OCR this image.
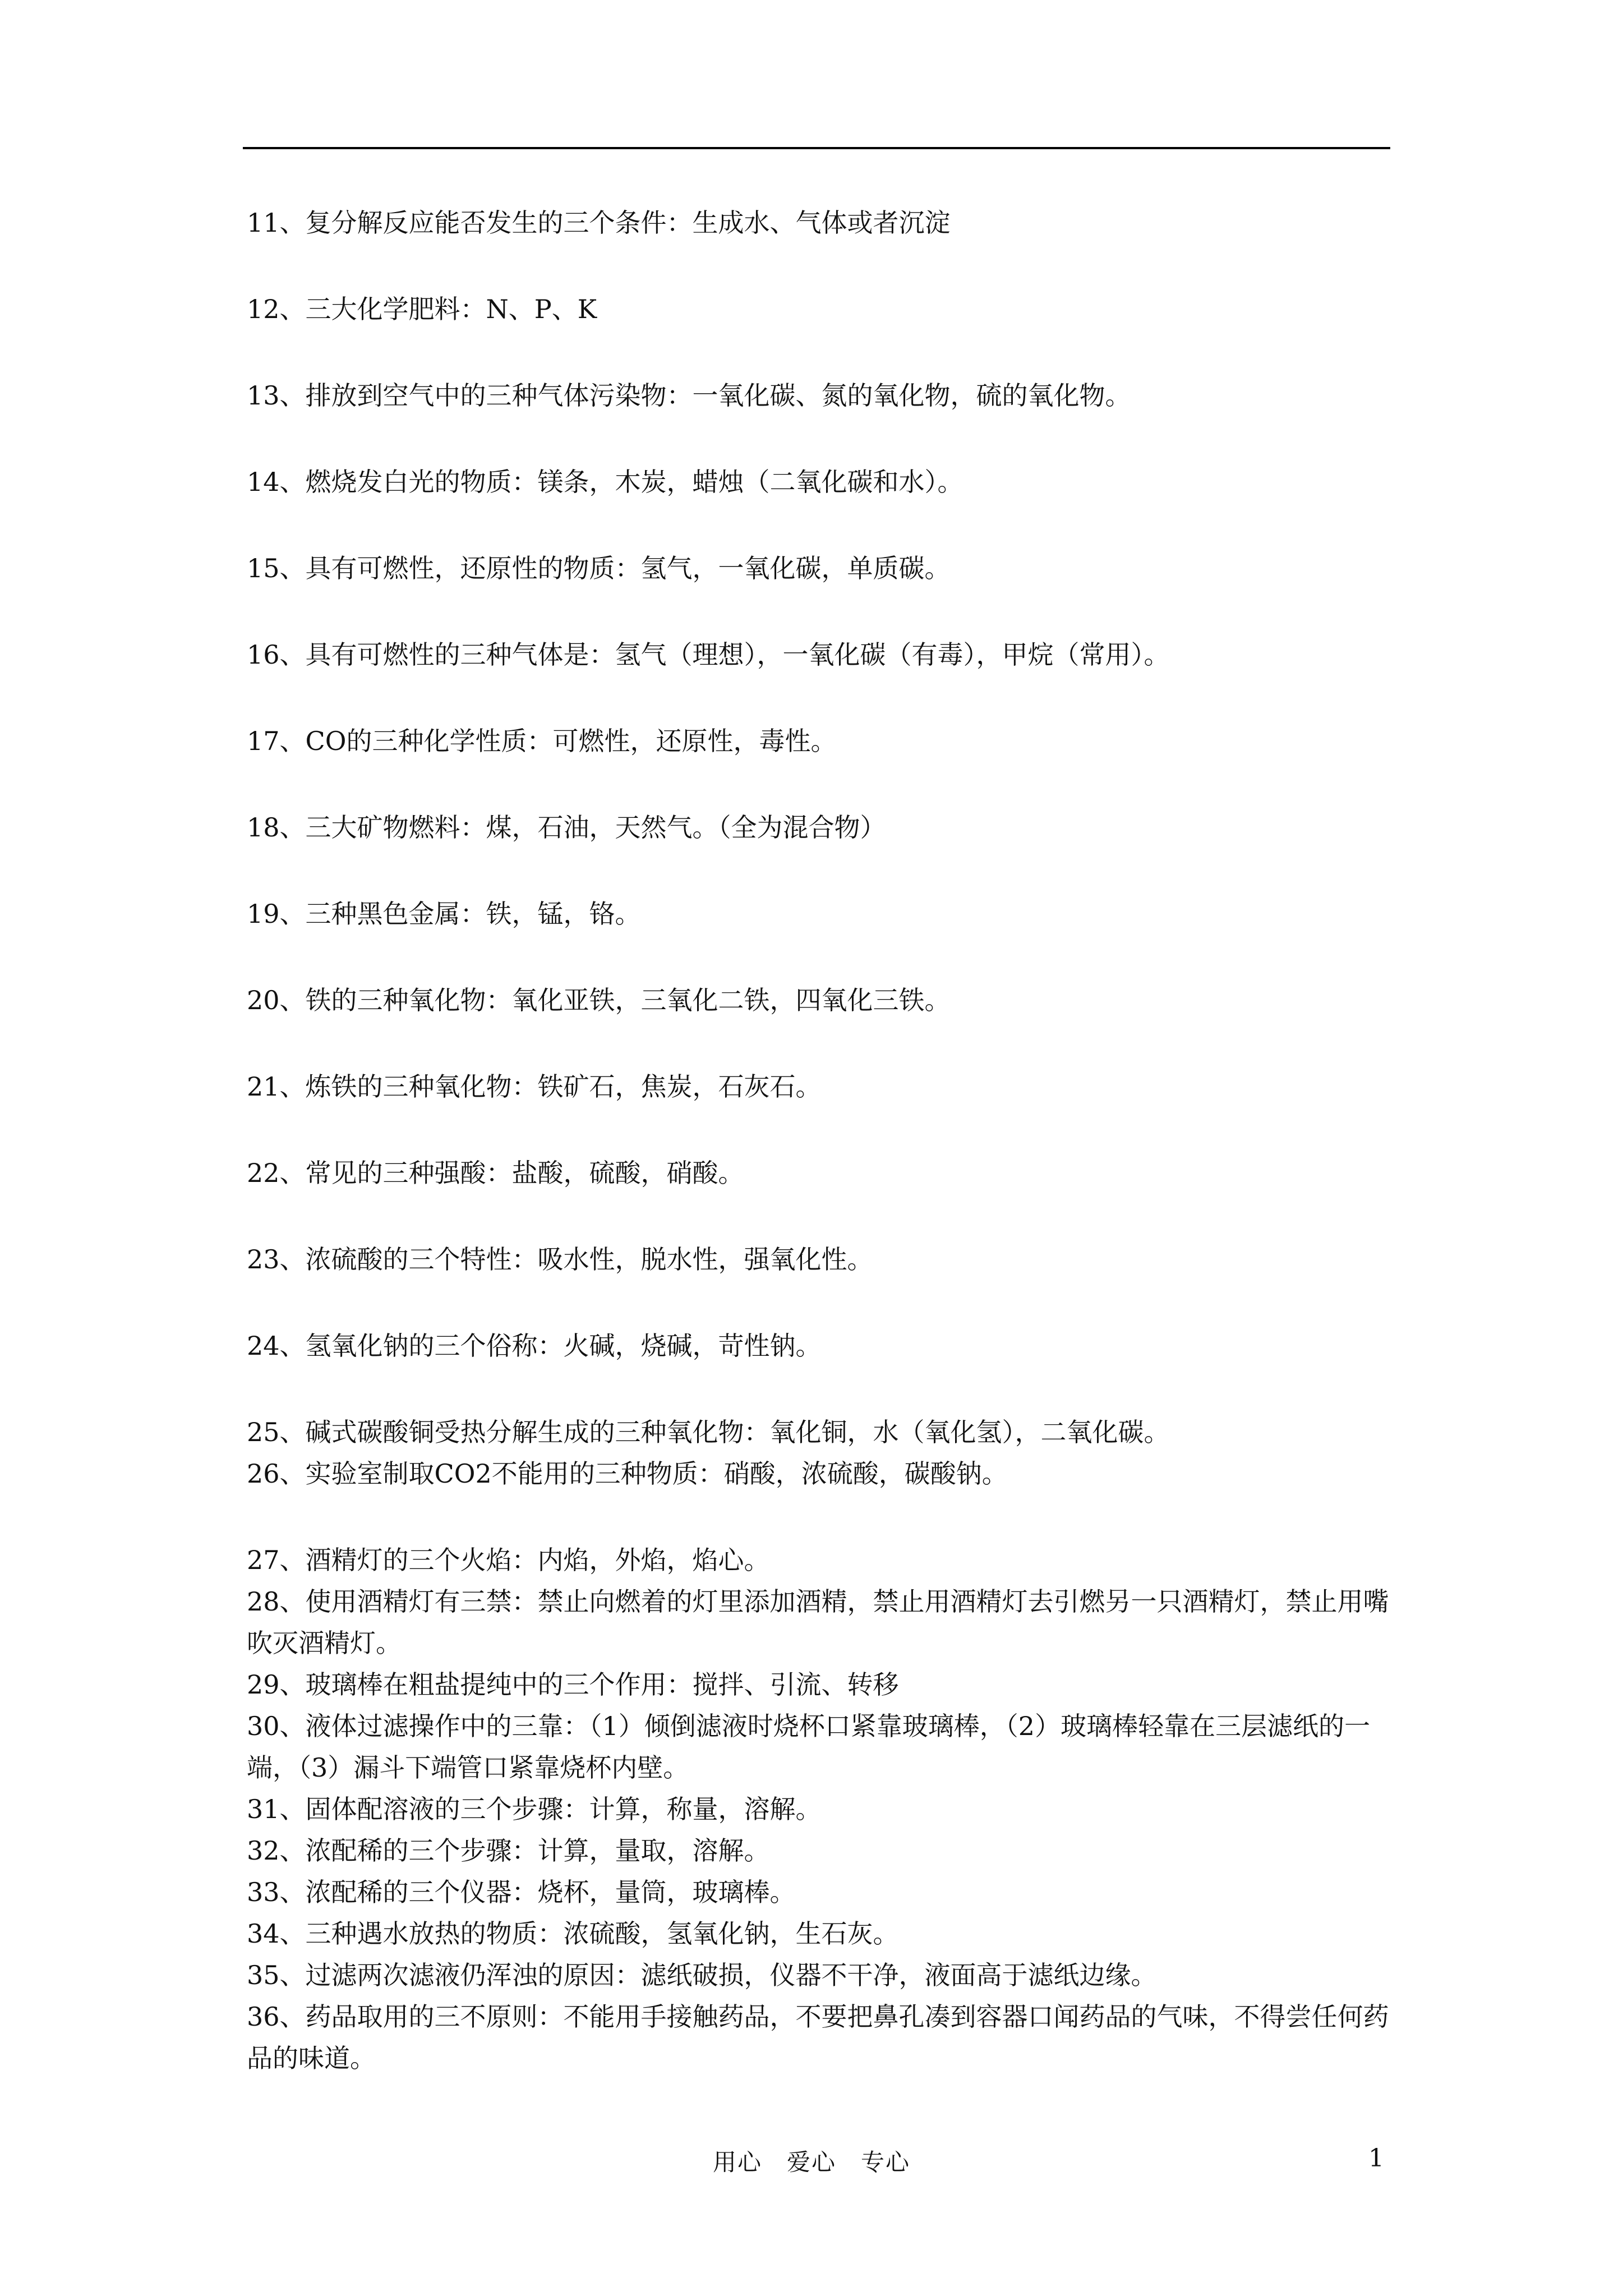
11、复分解反应能否发生的三个条件：生成水、气体或者沉淀
12、三大化学肥料：N、P、K
13、排放到空气中的三种气体污染物：一氧化碳、氮的氧化物，硫的氧化物。
14、燃烧发白光的物质：镁条，木炭，蜡烛（二氧化碳和水）。
15、具有可燃性，还原性的物质：氢气，一氧化碳，单质碳。
16、具有可燃性的三种气体是：氢气（理想），一氧化碳（有毒），甲烷（常用）。
17、CO的三种化学性质：可燃性，还原性，毒性。
18、三大矿物燃料：煤，石油，天然气。（全为混合物）
19、三种黑色金属：铁，锰，铬。
20、铁的三种氧化物：氧化亚铁，三氧化二铁，四氧化三铁。
21、炼铁的三种氧化物：铁矿石，焦炭，石灰石。
22、常见的三种强酸：盐酸，硫酸，硝酸。
23、浓硫酸的三个特性：吸水性，脱水性，强氧化性。
24、氢氧化钠的三个俗称：火碱，烧碱，苛性钠。
25、碱式碳酸铜受热分解生成的三种氧化物：氧化铜，水（氧化氢），二氧化碳。
26、实验室制取CO2不能用的三种物质：硝酸，浓硫酸，碳酸钠。
27、酒精灯的三个火焰：内焰，外焰，焰心。
28、使用酒精灯有三禁：禁止向燃着的灯里添加酒精，禁止用酒精灯去引燃另一只酒精灯，禁止用嘴吹灭酒精灯。
29、玻璃棒在粗盐提纯中的三个作用：搅拌、引流、转移
30、液体过滤操作中的三靠：（1）倾倒滤液时烧杯口紧靠玻璃棒，（2）玻璃棒轻靠在三层滤纸的一端，（3）漏斗下端管口紧靠烧杯内壁。
31、固体配溶液的三个步骤：计算，称量，溶解。
32、浓配稀的三个步骤：计算，量取，溶解。
33、浓配稀的三个仪器：烧杯，量筒，玻璃棒。
34、三种遇水放热的物质：浓硫酸，氢氧化钠，生石灰。
35、过滤两次滤液仍浑浊的原因：滤纸破损，仪器不干净，液面高于滤纸边缘。
36、药品取用的三不原则：不能用手接触药品，不要把鼻孔凑到容器口闻药品的气味，不得尝任何药品的味道。
用心　爱心　专心	1
